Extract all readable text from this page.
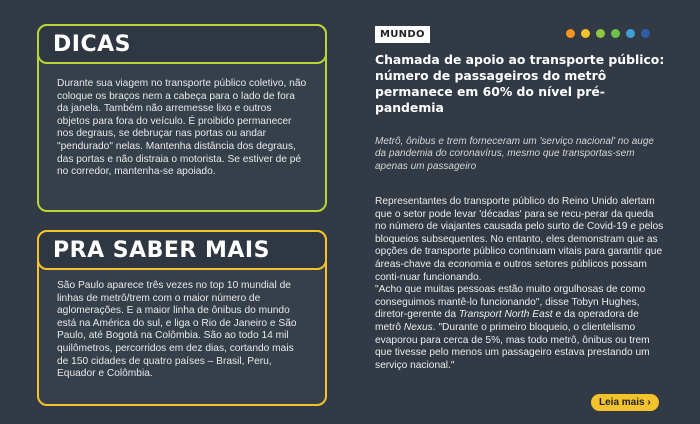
DICAS
Durante sua viagem no transporte público coletivo, não coloque os braços nem a cabeça para o lado de fora da janela. Também não arremesse lixo e outros objetos para fora do veículo. É proibido permanecer nos degraus, se debruçar nas portas ou andar "pendurado" nelas. Mantenha distância dos degraus, das portas e não distraia o motorista. Se estiver de pé no corredor, mantenha-se apoiado.
PRA SABER MAIS
São Paulo aparece três vezes no top 10 mundial de linhas de metrô/trem com o maior número de aglomerações. E a maior linha de ônibus do mundo está na América do sul, e liga o Rio de Janeiro e São Paulo, até Bogotá na Colômbia. São ao todo 14 mil quilômetros, percorridos em dez dias, cortando mais de 150 cidades de quatro países – Brasil, Peru, Equador e Colômbia.
MUNDO
Chamada de apoio ao transporte público: número de passageiros do metrô permanece em 60% do nível pré-pandemia
Metrô, ônibus e trem forneceram um 'serviço nacional' no auge da pandemia do coronavírus, mesmo que transportas-sem apenas um passageiro

Representantes do transporte público do Reino Unido alertam que o setor pode levar 'décadas' para se recu-perar da queda no número de viajantes causada pelo surto de Covid-19 e pelos bloqueios subsequentes. No entanto, eles demonstram que as opções de transporte público continuam vitais para garantir que áreas-chave da economia e outros setores públicos possam conti-nuar funcionando.

"Acho que muitas pessoas estão muito orgulhosas de como conseguimos mantê-lo funcionando", disse Tobyn Hughes, diretor-gerente da Transport North East e da operadora de metrô Nexus. "Durante o primeiro bloqueio, o clientelismo evaporou para cerca de 5%, mas todo metrô, ônibus ou trem que tivesse pelo menos um passageiro estava prestando um serviço nacional."

Leia mais ›
